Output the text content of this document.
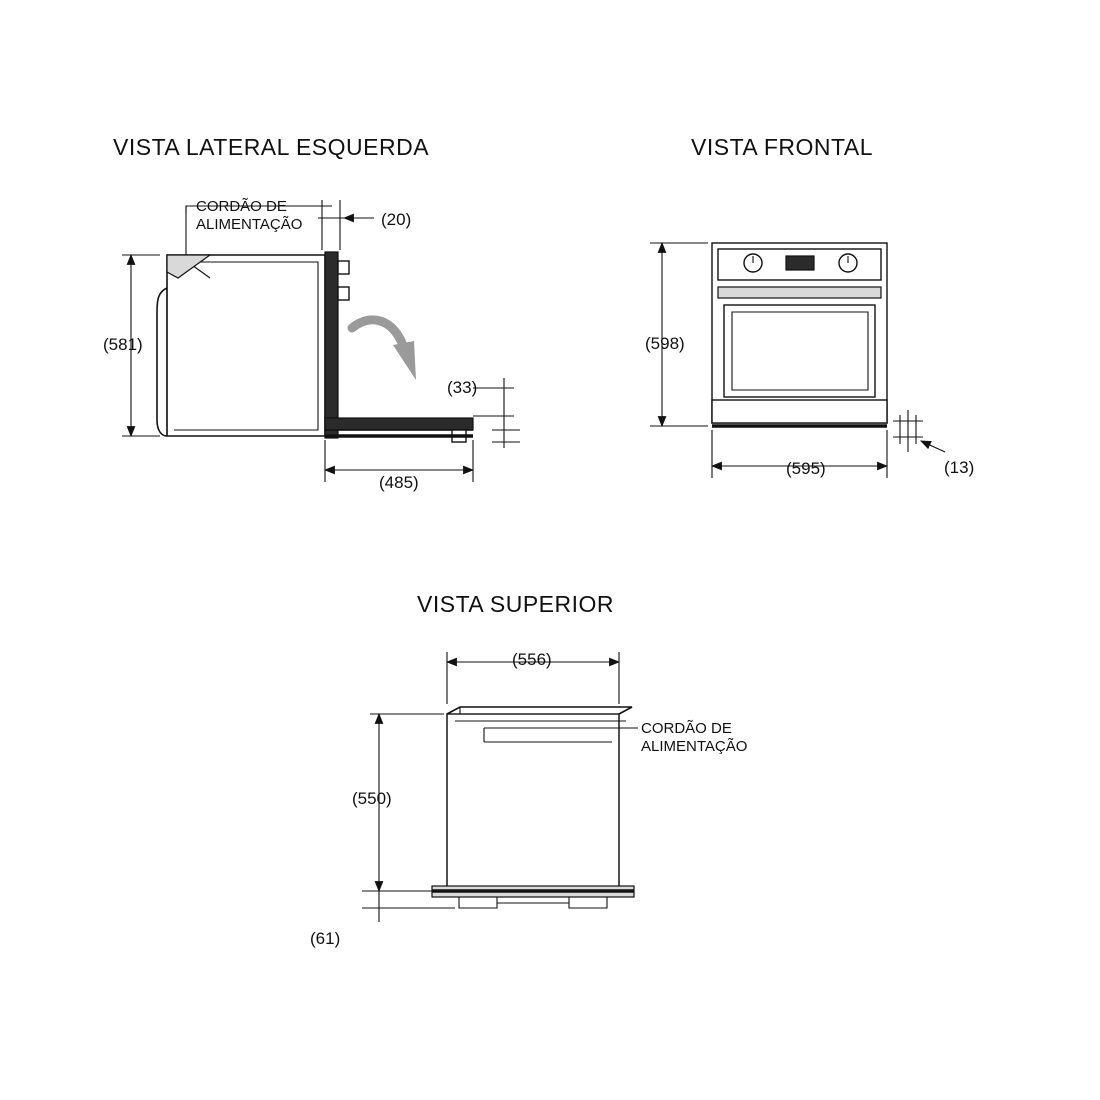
VISTA LATERAL ESQUERDA	VISTA FRONTAL
VISTA SUPERIOR
CORDÃO DE
ALIMENTAÇÃO
(581)
(20)
(33)
(485)
(598)
(595)	(13)
(556)
(550)
(61)
CORDÃO DE
ALIMENTAÇÃO
